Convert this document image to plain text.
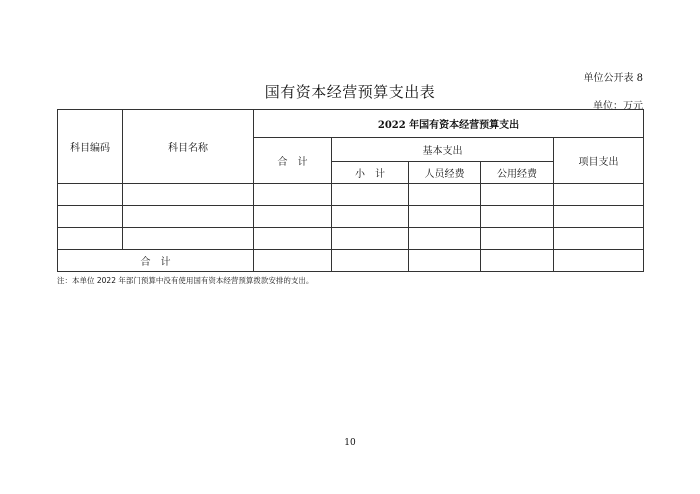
单位公开表 8
国有资本经营预算支出表
单位：万元
科目编码	科目名称	2022 年国有资本经营预算支出				
		合　计	基本支出			项目支出
			小　计	人员经费	公用经费	

合　计						
注：本单位 2022 年部门预算中没有使用国有资本经营预算拨款安排的支出。
10
